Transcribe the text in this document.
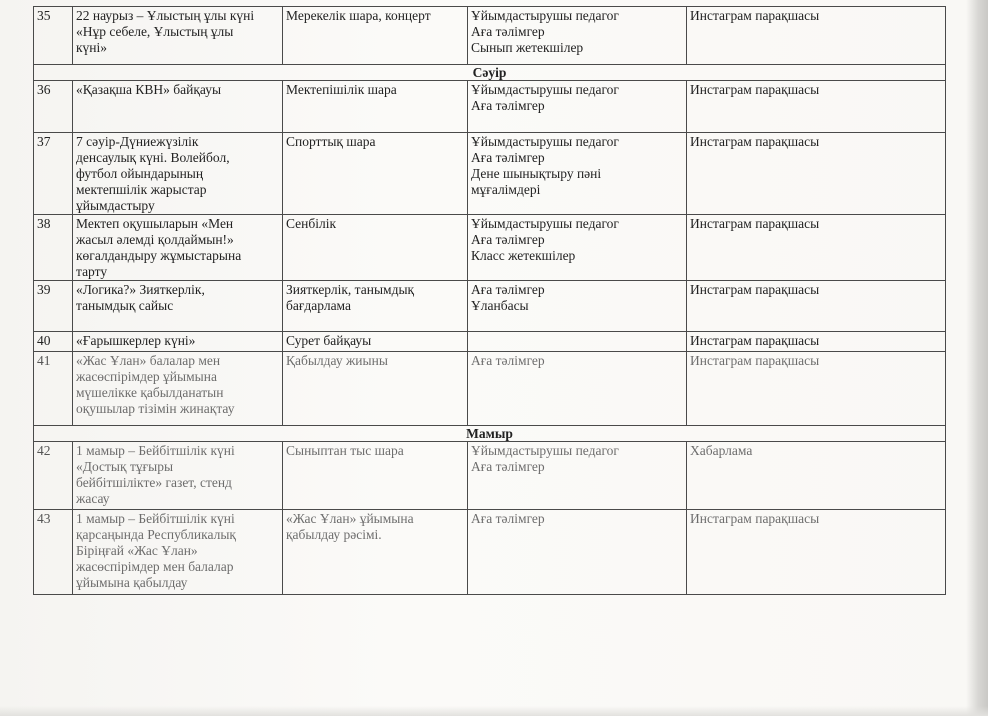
35	22 наурыз – Ұлыстың ұлы күні
«Нұр себеле, Ұлыстың ұлы
күні»	Мерекелік шара, концерт	Ұйымдастырушы педагог
Аға тәлімгер
Сынып жетекшілер	Инстаграм парақшасы

Сәуір				
36	«Қазақша КВН» байқауы	Мектепішілік шара	Ұйымдастырушы педагог
Аға тәлімгер	Инстаграм парақшасы

37	7 сәуір-Дүниежүзілік
денсаулық күні. Волейбол,
футбол ойындарының
мектепшілік жарыстар
ұйымдастыру	Спорттық шара	Ұйымдастырушы педагог
Аға тәлімгер
Дене шынықтыру пәні
мұғалімдері	Инстаграм парақшасы

38	Мектеп оқушыларын «Мен
жасыл әлемді қолдаймын!»
көгалдандыру жұмыстарына
тарту	Сенбілік	Ұйымдастырушы педагог
Аға тәлімгер
Класс жетекшілер	Инстаграм парақшасы

39	«Логика?» Зияткерлік,
танымдық сайыс	Зияткерлік, танымдық
бағдарлама	Аға тәлімгер
Ұланбасы	Инстаграм парақшасы

40	«Ғарышкерлер күні»	Сурет байқауы		Инстаграм парақшасы

41	«Жас Ұлан» балалар мен
жасөспірімдер ұйымына
мүшелікке қабылданатын
оқушылар тізімін жинақтау	Қабылдау жиыны	Аға тәлімгер	Инстаграм парақшасы

Мамыр				
42	1 мамыр – Бейбітшілік күні
«Достық тұғыры
бейбітшілікте» газет, стенд
жасау	Сыныптан тыс шара	Ұйымдастырушы педагог
Аға тәлімгер	Хабарлама

43	1 мамыр – Бейбітшілік күні
қарсаңында Республикалық
Біріңғай «Жас Ұлан»
жасөспірімдер мен балалар
ұйымына қабылдау	«Жас Ұлан» ұйымына
қабылдау рәсімі.	Аға тәлімгер	Инстаграм парақшасы
